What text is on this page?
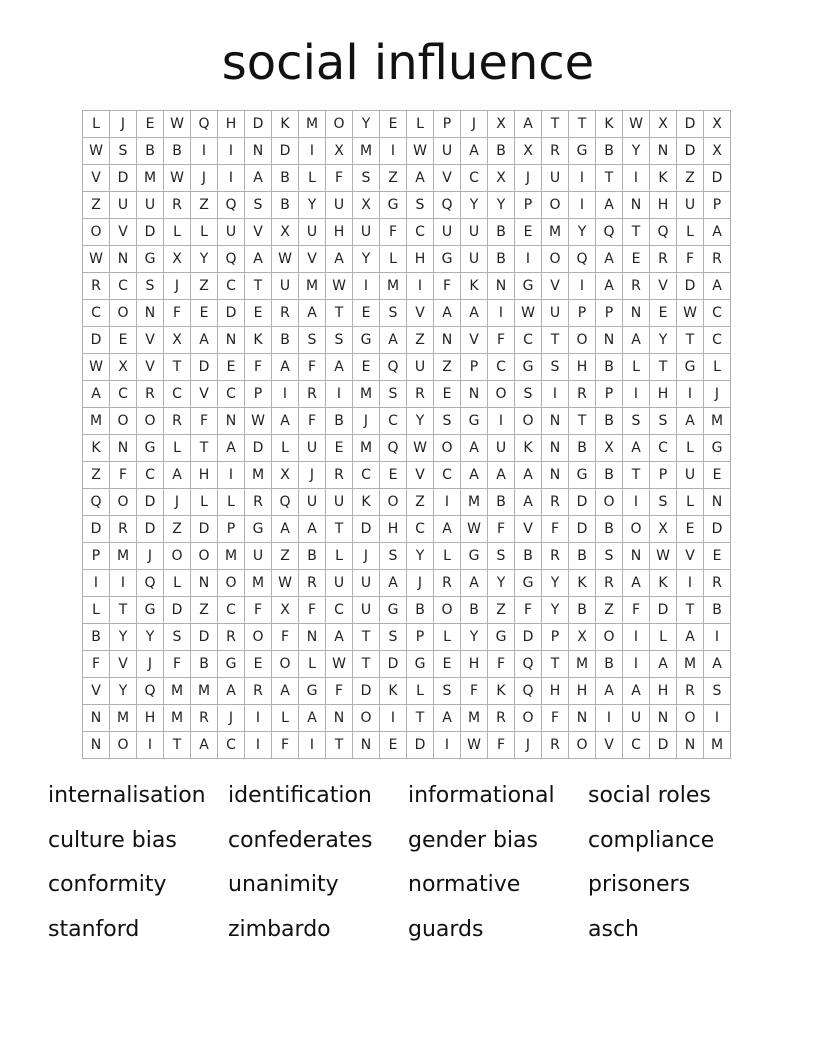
social influence
L	J	E	W	Q	H	D	K	M	O	Y	E	L	P	J	X	A	T	T	K	W	X	D	X
W	S	B	B	I	I	N	D	I	X	M	I	W	U	A	B	X	R	G	B	Y	N	D	X
V	D	M	W	J	I	A	B	L	F	S	Z	A	V	C	X	J	U	I	T	I	K	Z	D
Z	U	U	R	Z	Q	S	B	Y	U	X	G	S	Q	Y	Y	P	O	I	A	N	H	U	P
O	V	D	L	L	U	V	X	U	H	U	F	C	U	U	B	E	M	Y	Q	T	Q	L	A
W	N	G	X	Y	Q	A	W	V	A	Y	L	H	G	U	B	I	O	Q	A	E	R	F	R
R	C	S	J	Z	C	T	U	M	W	I	M	I	F	K	N	G	V	I	A	R	V	D	A
C	O	N	F	E	D	E	R	A	T	E	S	V	A	A	I	W	U	P	P	N	E	W	C
D	E	V	X	A	N	K	B	S	S	G	A	Z	N	V	F	C	T	O	N	A	Y	T	C
W	X	V	T	D	E	F	A	F	A	E	Q	U	Z	P	C	G	S	H	B	L	T	G	L
A	C	R	C	V	C	P	I	R	I	M	S	R	E	N	O	S	I	R	P	I	H	I	J
M	O	O	R	F	N	W	A	F	B	J	C	Y	S	G	I	O	N	T	B	S	S	A	M
K	N	G	L	T	A	D	L	U	E	M	Q	W	O	A	U	K	N	B	X	A	C	L	G
Z	F	C	A	H	I	M	X	J	R	C	E	V	C	A	A	A	N	G	B	T	P	U	E
Q	O	D	J	L	L	R	Q	U	U	K	O	Z	I	M	B	A	R	D	O	I	S	L	N
D	R	D	Z	D	P	G	A	A	T	D	H	C	A	W	F	V	F	D	B	O	X	E	D
P	M	J	O	O	M	U	Z	B	L	J	S	Y	L	G	S	B	R	B	S	N	W	V	E
I	I	Q	L	N	O	M	W	R	U	U	A	J	R	A	Y	G	Y	K	R	A	K	I	R
L	T	G	D	Z	C	F	X	F	C	U	G	B	O	B	Z	F	Y	B	Z	F	D	T	B
B	Y	Y	S	D	R	O	F	N	A	T	S	P	L	Y	G	D	P	X	O	I	L	A	I
F	V	J	F	B	G	E	O	L	W	T	D	G	E	H	F	Q	T	M	B	I	A	M	A
V	Y	Q	M	M	A	R	A	G	F	D	K	L	S	F	K	Q	H	H	A	A	H	R	S
N	M	H	M	R	J	I	L	A	N	O	I	T	A	M	R	O	F	N	I	U	N	O	I
N	O	I	T	A	C	I	F	I	T	N	E	D	I	W	F	J	R	O	V	C	D	N	M
internalisation	identification	informational	social roles
culture bias	confederates	gender bias	compliance
conformity	unanimity	normative	prisoners
stanford	zimbardo	guards	asch
